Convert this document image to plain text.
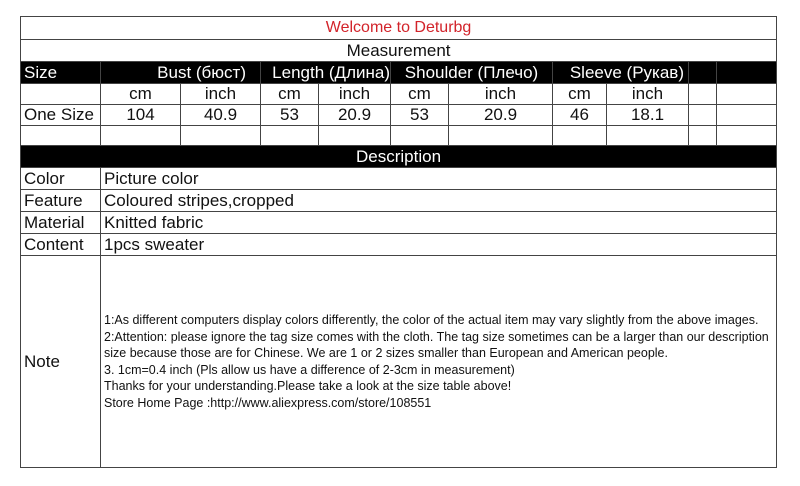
Welcome to Deturbg										
Measurement										
Size	Bust (бюст)		Length (Длина)		Shoulder (Плечо)		Sleeve (Рукав)			
	cm	inch	cm	inch	cm	inch	cm	inch		
One Size	104	40.9	53	20.9	53	20.9	46	18.1		

Description	
Color	Picture color
Feature	Coloured stripes,cropped
Material	Knitted fabric
Content	1pcs sweater
Note	1:As different computers display colors differently, the color of the actual item may vary slightly from the above images.
2:Attention: please ignore the tag size comes with the cloth. The tag size sometimes can be a larger than our description size because those are for Chinese. We are 1 or 2 sizes smaller than European and American people.
3. 1cm=0.4 inch (Pls allow us have a difference of 2-3cm in measurement)
Thanks for your understanding.Please take a look at the size table above!
Store Home Page :http://www.aliexpress.com/store/108551
